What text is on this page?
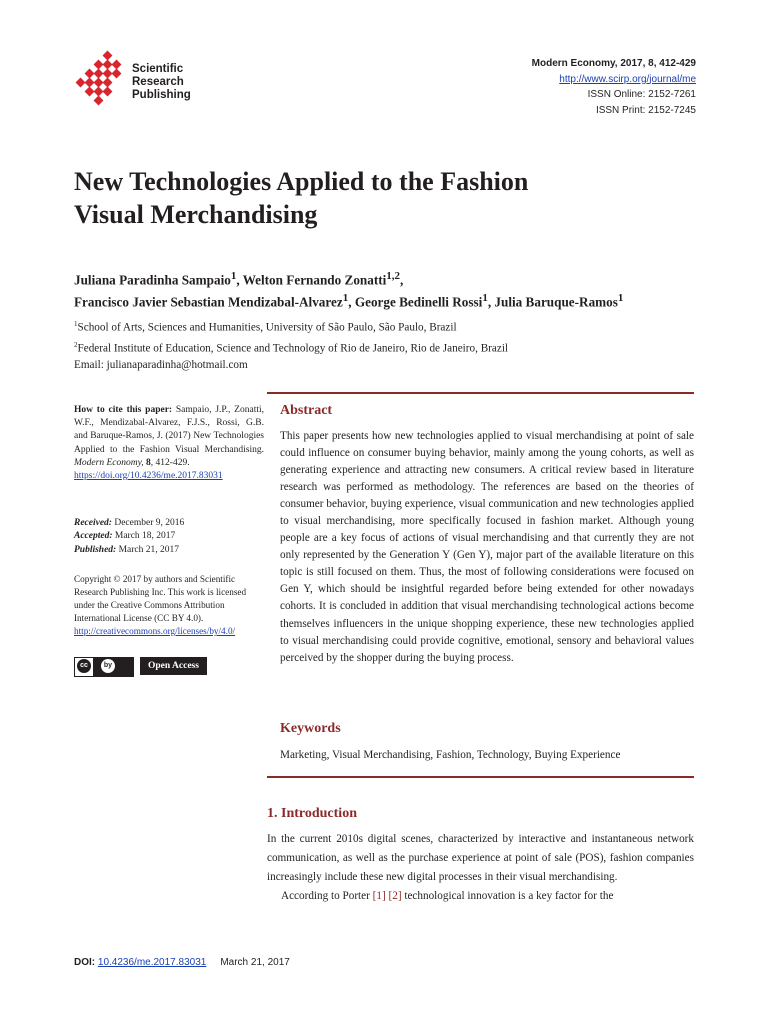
Scientific
Research
Publishing
Modern Economy, 2017, 8, 412-429
http://www.scirp.org/journal/me
ISSN Online: 2152-7261
ISSN Print: 2152-7245
New Technologies Applied to the Fashion
Visual Merchandising
Juliana Paradinha Sampaio$^1$, Welton Fernando Zonatti$^{1,2}$,
Francisco Javier Sebastian Mendizabal-Alvarez$^1$, George Bedinelli Rossi$^1$, Julia Baruque-Ramos$^1$
$^1$School of Arts, Sciences and Humanities, University of São Paulo, São Paulo, Brazil
$^2$Federal Institute of Education, Science and Technology of Rio de Janeiro, Rio de Janeiro, Brazil
Email: julianaparadinha@hotmail.com
How to cite this paper: Sampaio, J.P., Zonatti, W.F., Mendizabal-Alvarez, F.J.S., Rossi, G.B. and Baruque-Ramos, J. (2017) New Technologies Applied to the Fashion Visual Merchandising. Modern Economy, 8, 412-429.
https://doi.org/10.4236/me.2017.83031
Received: December 9, 2016
Accepted: March 18, 2017
Published: March 21, 2017
Copyright © 2017 by authors and Scientific Research Publishing Inc. This work is licensed under the Creative Commons Attribution International License (CC BY 4.0).
http://creativecommons.org/licenses/by/4.0/
cc	by	Open Access
Abstract
This paper presents how new technologies applied to visual merchandising at point of sale could influence on consumer buying behavior, mainly among the young cohorts, as well as generating experience and attracting new consumers. A critical review based in literature research was performed as methodology. The references are based on the theories of consumer behavior, buying experience, visual communication and new technologies applied to visual merchandising, more specifically focused in fashion market. Although young people are a key focus of actions of visual merchandising and that currently they are not only represented by the Generation Y (Gen Y), major part of the available literature on this topic is still focused on them. Thus, the most of following considerations were focused on Gen Y, which should be insightful regarded before being extended for other nowadays cohorts. It is concluded in addition that visual merchandising technological actions become themselves influencers in the unique shopping experience, these new technologies applied to visual merchandising could provide cognitive, emotional, sensory and behavioral values perceived by the shopper during the buying process.
Keywords
Marketing, Visual Merchandising, Fashion, Technology, Buying Experience
1. Introduction

In the current 2010s digital scenes, characterized by interactive and instantaneous network communication, as well as the purchase experience at point of sale (POS), fashion companies increasingly include these new digital processes in their visual merchandising.

According to Porter [1] [2] technological innovation is a key factor for the

DOI: 10.4236/me.2017.83031 March 21, 2017
